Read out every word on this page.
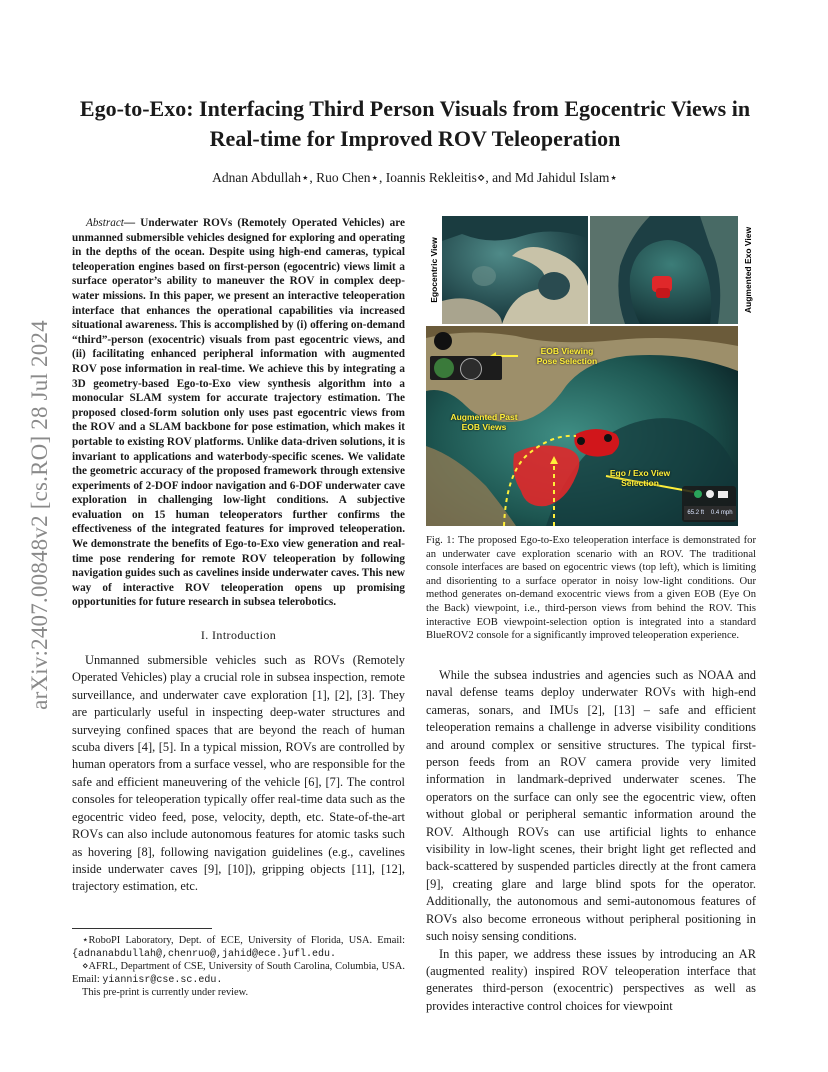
arXiv:2407.00848v2 [cs.RO] 28 Jul 2024
Ego-to-Exo: Interfacing Third Person Visuals from Egocentric Views in Real-time for Improved ROV Teleoperation
Adnan Abdullah⋆, Ruo Chen⋆, Ioannis Rekleitis⋄, and Md Jahidul Islam⋆

Abstract— Underwater ROVs (Remotely Operated Vehicles) are unmanned submersible vehicles designed for exploring and operating in the depths of the ocean. Despite using high-end cameras, typical teleoperation engines based on first-person (egocentric) views limit a surface operator’s ability to maneuver the ROV in complex deep-water missions. In this paper, we present an interactive teleoperation interface that enhances the operational capabilities via increased situational awareness. This is accomplished by (i) offering on-demand “third”-person (exocentric) visuals from past egocentric views, and (ii) facilitating enhanced peripheral information with augmented ROV pose information in real-time. We achieve this by integrating a 3D geometry-based Ego-to-Exo view synthesis algorithm into a monocular SLAM system for accurate trajectory estimation. The proposed closed-form solution only uses past egocentric views from the ROV and a SLAM backbone for pose estimation, which makes it portable to existing ROV platforms. Unlike data-driven solutions, it is invariant to applications and waterbody-specific scenes. We validate the geometric accuracy of the proposed framework through extensive experiments of 2-DOF indoor navigation and 6-DOF underwater cave exploration in challenging low-light conditions. A subjective evaluation on 15 human teleoperators further confirms the effectiveness of the integrated features for improved teleoperation. We demonstrate the benefits of Ego-to-Exo view generation and real-time pose rendering for remote ROV teleoperation by following navigation guides such as cavelines inside underwater caves. This new way of interactive ROV teleoperation opens up promising opportunities for future research in subsea telerobotics.

I. Introduction

Unmanned submersible vehicles such as ROVs (Remotely Operated Vehicles) play a crucial role in subsea inspection, remote surveillance, and underwater cave exploration [1], [2], [3]. They are particularly useful in inspecting deep-water structures and surveying confined spaces that are beyond the reach of human scuba divers [4], [5]. In a typical mission, ROVs are controlled by human operators from a surface vessel, who are responsible for the safe and efficient maneuvering of the vehicle [6], [7]. The control consoles for teleoperation typically offer real-time data such as the egocentric video feed, pose, velocity, depth, etc. State-of-the-art ROVs can also include autonomous features for atomic tasks such as hovering [8], following navigation guidelines (e.g., cavelines inside underwater caves [9], [10]), gripping objects [11], [12], trajectory estimation, etc.

⋆RoboPI Laboratory, Dept. of ECE, University of Florida, USA. Email: {adnanabdullah@,chenruo@,jahid@ece.}ufl.edu.

⋄AFRL, Department of CSE, University of South Carolina, Columbia, USA. Email: yiannisr@cse.sc.edu.

This pre-print is currently under review.

Egocentric View	Augmented Exo View
EOB Viewing
Pose Selection
Augmented Past
EOB Views
Ego / Exo View
Selection
65.2 ft 0.4 mph

Fig. 1: The proposed Ego-to-Exo teleoperation interface is demonstrated for an underwater cave exploration scenario with an ROV. The traditional console interfaces are based on egocentric views (top left), which is limiting and disorienting to a surface operator in noisy low-light conditions. Our method generates on-demand exocentric views from a given EOB (Eye On the Back) viewpoint, i.e., third-person views from behind the ROV. This interactive EOB viewpoint-selection option is integrated into a standard BlueROV2 console for a significantly improved teleoperation experience.

While the subsea industries and agencies such as NOAA and naval defense teams deploy underwater ROVs with high-end cameras, sonars, and IMUs [2], [13] – safe and efficient teleoperation remains a challenge in adverse visibility conditions and around complex or sensitive structures. The typical first-person feeds from an ROV camera provide very limited information in landmark-deprived underwater scenes. The operators on the surface can only see the egocentric view, often without global or peripheral semantic information around the ROV. Although ROVs can use artificial lights to enhance visibility in low-light scenes, their bright light get reflected and back-scattered by suspended particles directly at the front camera [9], creating glare and large blind spots for the operator. Additionally, the autonomous and semi-autonomous features of ROVs also become erroneous without peripheral positioning in such noisy sensing conditions.

In this paper, we address these issues by introducing an AR (augmented reality) inspired ROV teleoperation interface that generates third-person (exocentric) perspectives as well as provides interactive control choices for viewpoint
